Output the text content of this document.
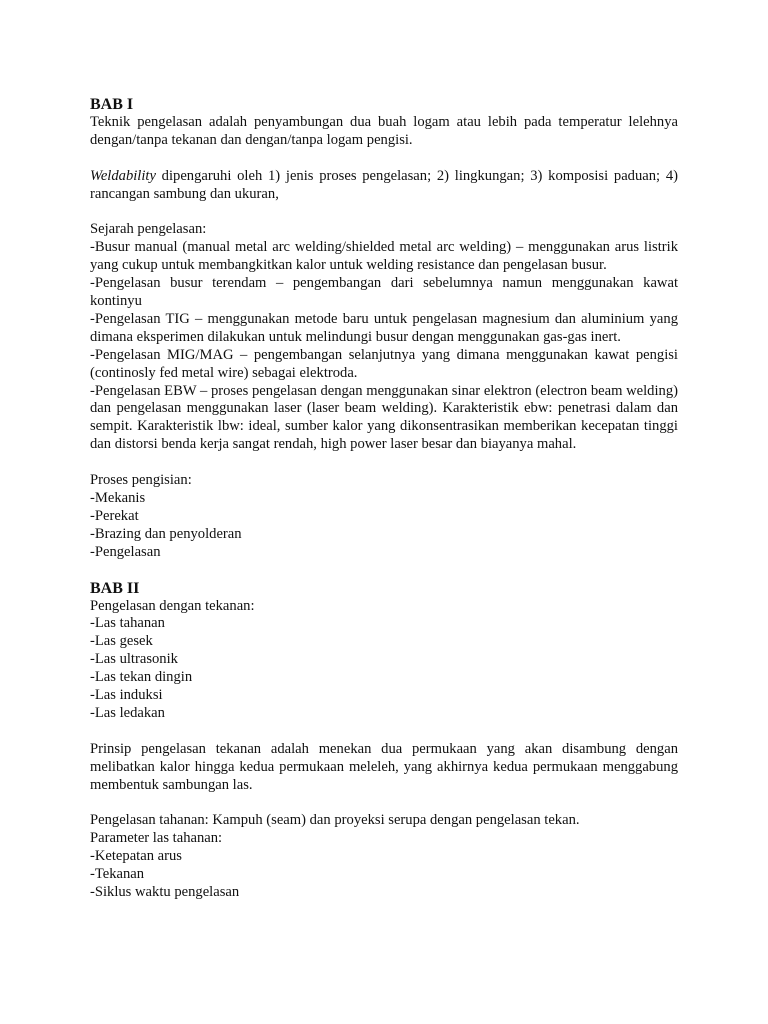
BAB I

Teknik pengelasan adalah penyambungan dua buah logam atau lebih pada temperatur lelehnya dengan/tanpa tekanan dan dengan/tanpa logam pengisi.

Weldability dipengaruhi oleh 1) jenis proses pengelasan; 2) lingkungan; 3) komposisi paduan; 4) rancangan sambung dan ukuran,

Sejarah pengelasan:

-Busur manual (manual metal arc welding/shielded metal arc welding) – menggunakan arus listrik yang cukup untuk membangkitkan kalor untuk welding resistance dan pengelasan busur.

-Pengelasan busur terendam – pengembangan dari sebelumnya namun menggunakan kawat kontinyu

-Pengelasan TIG – menggunakan metode baru untuk pengelasan magnesium dan aluminium yang dimana eksperimen dilakukan untuk melindungi busur dengan menggunakan gas-gas inert.

-Pengelasan MIG/MAG – pengembangan selanjutnya yang dimana menggunakan kawat pengisi (continosly fed metal wire) sebagai elektroda.

-Pengelasan EBW – proses pengelasan dengan menggunakan sinar elektron (electron beam welding) dan pengelasan menggunakan laser (laser beam welding). Karakteristik ebw: penetrasi dalam dan sempit. Karakteristik lbw: ideal, sumber kalor yang dikonsentrasikan memberikan kecepatan tinggi dan distorsi benda kerja sangat rendah, high power laser besar dan biayanya mahal.

Proses pengisian:

-Mekanis

-Perekat

-Brazing dan penyolderan

-Pengelasan

BAB II

Pengelasan dengan tekanan:

-Las tahanan

-Las gesek

-Las ultrasonik

-Las tekan dingin

-Las induksi

-Las ledakan

Prinsip pengelasan tekanan adalah menekan dua permukaan yang akan disambung dengan melibatkan kalor hingga kedua permukaan meleleh, yang akhirnya kedua permukaan menggabung membentuk sambungan las.

Pengelasan tahanan: Kampuh (seam) dan proyeksi serupa dengan pengelasan tekan.

Parameter las tahanan:

-Ketepatan arus

-Tekanan

-Siklus waktu pengelasan
